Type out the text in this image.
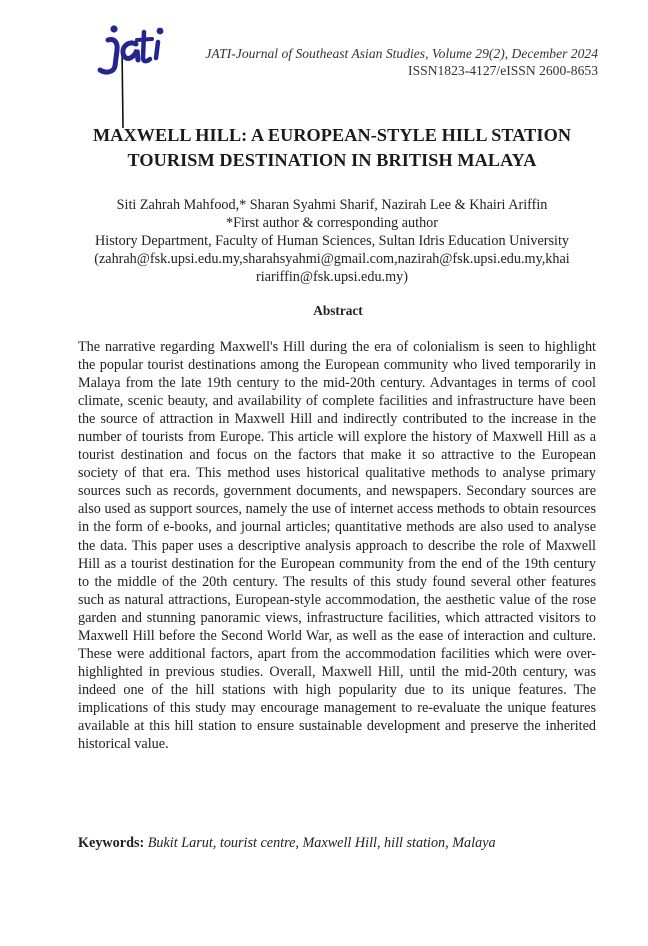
JATI-Journal of Southeast Asian Studies, Volume 29(2), December 2024
ISSN1823-4127/eISSN 2600-8653
MAXWELL HILL: A EUROPEAN-STYLE HILL STATION
TOURISM DESTINATION IN BRITISH MALAYA
Siti Zahrah Mahfood,* Sharan Syahmi Sharif, Nazirah Lee & Khairi Ariffin
*First author & corresponding author
History Department, Faculty of Human Sciences, Sultan Idris Education University
(zahrah@fsk.upsi.edu.my,sharahsyahmi@gmail.com,nazirah@fsk.upsi.edu.my,khai
riariffin@fsk.upsi.edu.my)
Abstract
The narrative regarding Maxwell's Hill during the era of colonialism is seen to highlight the popular tourist destinations among the European community who lived temporarily in Malaya from the late 19th century to the mid-20th century. Advantages in terms of cool climate, scenic beauty, and availability of complete facilities and infrastructure have been the source of attraction in Maxwell Hill and indirectly contributed to the increase in the number of tourists from Europe. This article will explore the history of Maxwell Hill as a tourist destination and focus on the factors that make it so attractive to the European society of that era. This method uses historical qualitative methods to analyse primary sources such as records, government documents, and newspapers. Secondary sources are also used as support sources, namely the use of internet access methods to obtain resources in the form of e-books, and journal articles; quantitative methods are also used to analyse the data. This paper uses a descriptive analysis approach to describe the role of Maxwell Hill as a tourist destination for the European community from the end of the 19th century to the middle of the 20th century. The results of this study found several other features such as natural attractions, European-style accommodation, the aesthetic value of the rose garden and stunning panoramic views, infrastructure facilities, which attracted visitors to Maxwell Hill before the Second World War, as well as the ease of interaction and culture. These were additional factors, apart from the accommodation facilities which were over-highlighted in previous studies. Overall, Maxwell Hill, until the mid-20th century, was indeed one of the hill stations with high popularity due to its unique features. The implications of this study may encourage management to re-evaluate the unique features available at this hill station to ensure sustainable development and preserve the inherited historical value.
Keywords: Bukit Larut, tourist centre, Maxwell Hill, hill station, Malaya
